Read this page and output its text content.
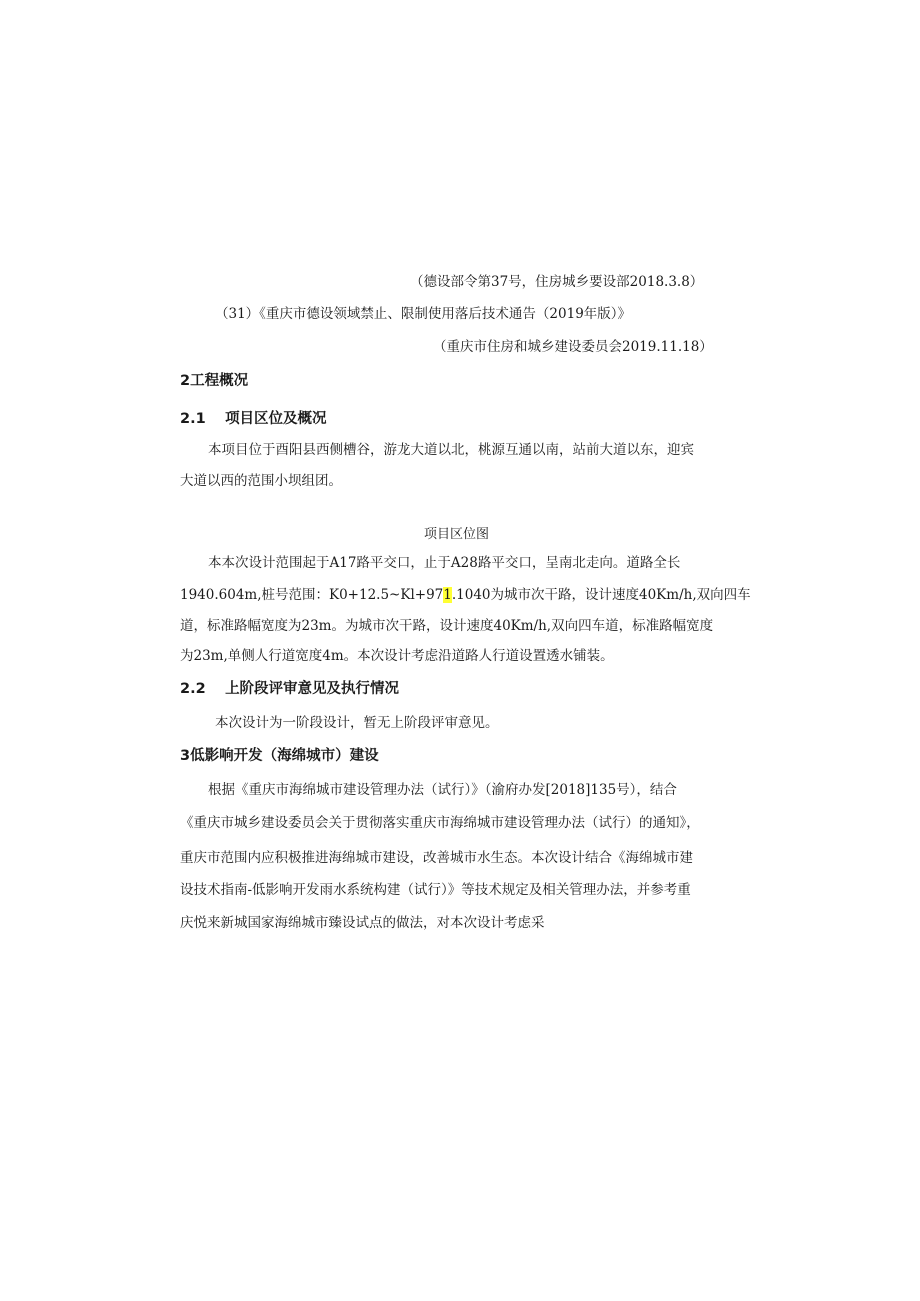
（德设部令第37号，住房城乡要设部2018.3.8）
（31）《重庆市德设领域禁止、限制使用落后技术通告（2019年版）》
（重庆市住房和城乡建设委员会2019.11.18）
2工程概况
2.1 项目区位及概况
本项目位于酉阳县西侧槽谷，游龙大道以北，桃源互通以南，站前大道以东，迎宾
大道以西的范围小坝组团。
项目区位图
本本次设计范围起于A17路平交口，止于A28路平交口，呈南北走向。道路全长
1940.604m,桩号范围：K0+12.5~Kl+971.1040为城市次干路，设计速度40Km/h,双向四车
道，标准路幅宽度为23m。为城市次干路，设计速度40Km/h,双向四车道，标准路幅宽度
为23m,单侧人行道宽度4m。本次设计考虑沿道路人行道设置透水铺装。
2.2 上阶段评审意见及执行情况
本次设计为一阶段设计，暂无上阶段评审意见。
3低影响开发（海绵城市）建设
根据《重庆市海绵城市建设管理办法（试行）》（渝府办发[2018]135号），结合
《重庆市城乡建设委员会关于贯彻落实重庆市海绵城市建设管理办法（试行）的通知》，
重庆市范围内应积极推进海绵城市建设，改善城市水生态。本次设计结合《海绵城市建
设技术指南-低影响开发雨水系统构建（试行）》等技术规定及相关管理办法，并参考重
庆悦来新城国家海绵城市臻设试点的做法，对本次设计考虑采
